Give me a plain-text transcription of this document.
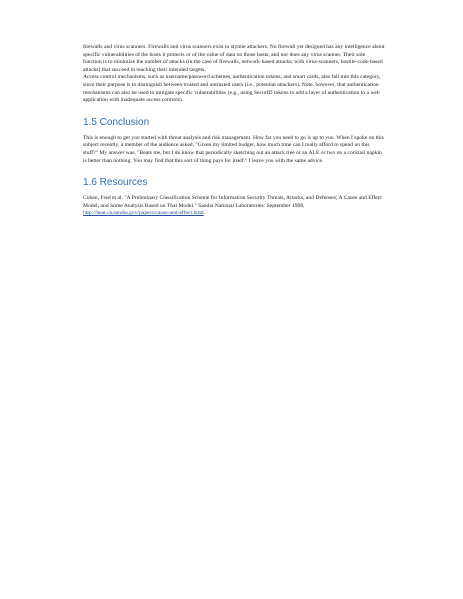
firewalls and virus scanners. Firewalls and virus scanners exist to stymie attackers. No firewall yet designed has any intelligence about specific vulnerabilities of the hosts it protects or of the value of data on those hosts, and nor does any virus scanner. Their sole function is to minimize the number of attacks (in the case of firewalls, network-based attacks; with virus-scanners, hostile-code-based attacks) that succeed in reaching their intended targets.

Access control mechanisms, such as username/password schemes, authentication tokens, and smart cards, also fall into this category, since their purpose is to distinguish between trusted and untrusted users (i.e., potential attackers). Note, however, that authentication mechanisms can also be used to mitigate specific vulnerabilities (e.g., using SecurID tokens to add a layer of authentication to a web application with inadequate access controls).

1.5 Conclusion

This is enough to get you started with threat analysis and risk management. How far you need to go is up to you. When I spoke on this subject recently, a member of the audience asked, "Given my limited budget, how much time can I really afford to spend on this stuff?" My answer was, "Beats me, but I do know that periodically sketching out an attack tree or an ALE or two on a cocktail napkin is better than nothing. You may find that this sort of thing pays for itself." I leave you with the same advice.

1.6 Resources

Cohen, Fred et al. "A Preliminary Classification Scheme for Information Security Threats, Attacks, and Defenses; A Cause and Effect Model; and Some Analysis Based on That Model." Sandia National Laboratories: September 1998, http://heat.ca.sandia.gov/papers/cause-and-effect.html.
